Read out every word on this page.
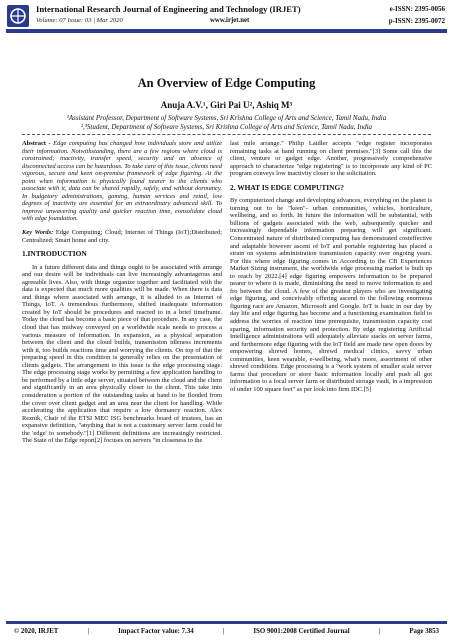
International Research Journal of Engineering and Technology (IRJET)
Volume: 07 Issue: 03 | Mar 2020	www.irjet.net
e-ISSN: 2395-0056
p-ISSN: 2395-0072
An Overview of Edge Computing
Anuja A.V.¹, Giri Pai U², Ashiq M³
¹Assistant Professor, Department of Software Systems, Sri Krishna College of Arts and Science, Tamil Nadu, India
²,³Student, Department of Software Systems, Sri Krishna College of Arts and Science, Tamil Nadu, India

Abstract - Edge computing has changed how individuals store and utilize their information. Notwithstanding, there are a few regions where cloud is constrained; inactivity, transfer speed, security and an absence of disconnected access can be hazardous. To take care of this issue, clients need vigorous, secure and keen on-premise framework of edge figuring. At the point when information is physically found nearer to the clients who associate with it, data can be shared rapidly, safely, and without dormancy. In budgetary administrations, gaming, human services and retail, low degrees of inactivity are essential for an extraordinary advanced skill. To improve unwavering quality and quicker reaction time, consolidate cloud with edge foundation.

Key Words: Edge Computing; Cloud; Internet of Things (IoT);Distributed; Centralized; Smart home and city.

1.INTRODUCTION

In a future different data and things ought to be associated with arrange and our desire will be individuals can live increasingly advantageous and agreeable lives. Also, with things organize together and facilitated with the data is expected that much more qualities will be made. When there is data and things where associated with arrange, it is alluded to as Internet of Things, IoT. A tremendous furthermore, shifted inadequate information created by IoT should be procedures and reacted to in a brief timeframe. Today the cloud has become a basic piece of that procedure. In any case, the cloud that has midway conveyed on a worldwide scale needs to process a various measure of information. In expansion, as a physical separation between the client and the cloud builds, transmission idleness increments with it, too builds reactions time and worrying the clients. On top of that the preparing speed in this condition is generally relies on the presentation of clients gadgets. The arrangement to this issue is the edge processing stage. The edge processing stage works by permitting a few application handling to be performed by a little edge server, situated between the cloud and the client and significantly in an area physically closer to the client. This take into consideration a portion of the outstanding tasks at hand to be flooded from the cover over client gadget and an area near the client for handling. While accelerating the application that require a low dormancy reaction. Alex Reznik, Chair of the ETSI MEC ISG benchmarks board of trustees, has an expansive definition, "anything that is not a customary server farm could be the 'edge' to somebody."[1] Different definitions are increasingly restricted. The State of the Edge report[2] focuses on servers "in closeness to the

last mile arrange." Philip Laidler accepts "edge register incorporates remaining tasks at hand running on client premises."[3] Some call this the client, venture or gadget edge. Another, progressively comprehensive approach to characterize "edge registering" is to incorporate any kind of PC program conveys low inactivity closer to the solicitation.

2. WHAT IS EDGE COMPUTING?

By computerized change and developing advances, everything on the planet is turning out to be "keen"- urban communities, vehicles, horticulture, wellbeing, and so forth. In future the information will be substantial, with billions of gadgets associated with the web, subsequently quicker and increasingly dependable information preparing will get significant. Concentrated nature of distributed computing has demonstrated costeffective and adaptable however ascent of IoT and portable registering has placed a strain on systems administration transmission capacity over ongoing years. For this where edge figuring comes in According to the CB Experiences Market Sizing instrument, the worldwide edge processing market is built up to reach by 2022.[4] edge figuring empowers information to be prepared nearer to where it is made, diminishing the need to move information to and fro between the cloud. A few of the greatest players who are investigating edge figuring, and conceivably offering ascend to the following enormous figuring race are Amazon, Microsoft and Google. IoT is basic in our day by day life and edge figuring has become and a functioning examination field to address the worries of reaction time prerequisite, transmission capacity cost sparing, information security and protection. By edge registering Artificial Intelligence administrations will adequately alleviate stacks on server farms, and furthermore edge figuring with the IoT field are made new open doors by empowering shrewd homes, shrewd medical clinics, savvy urban communities, keen wearable, e-wellbeing, what's more, assortment of other shrewd conditions. Edge processing is a "work system of smaller scale server farms that procedure or store basic information locally and push all got information to a focal server farm or distributed storage vault, in a impression of under 100 square feet" as per look into firm IDC.[5]

© 2020, IRJET	|	Impact Factor value: 7.34	|	ISO 9001:2008 Certified Journal	|	Page 3853
